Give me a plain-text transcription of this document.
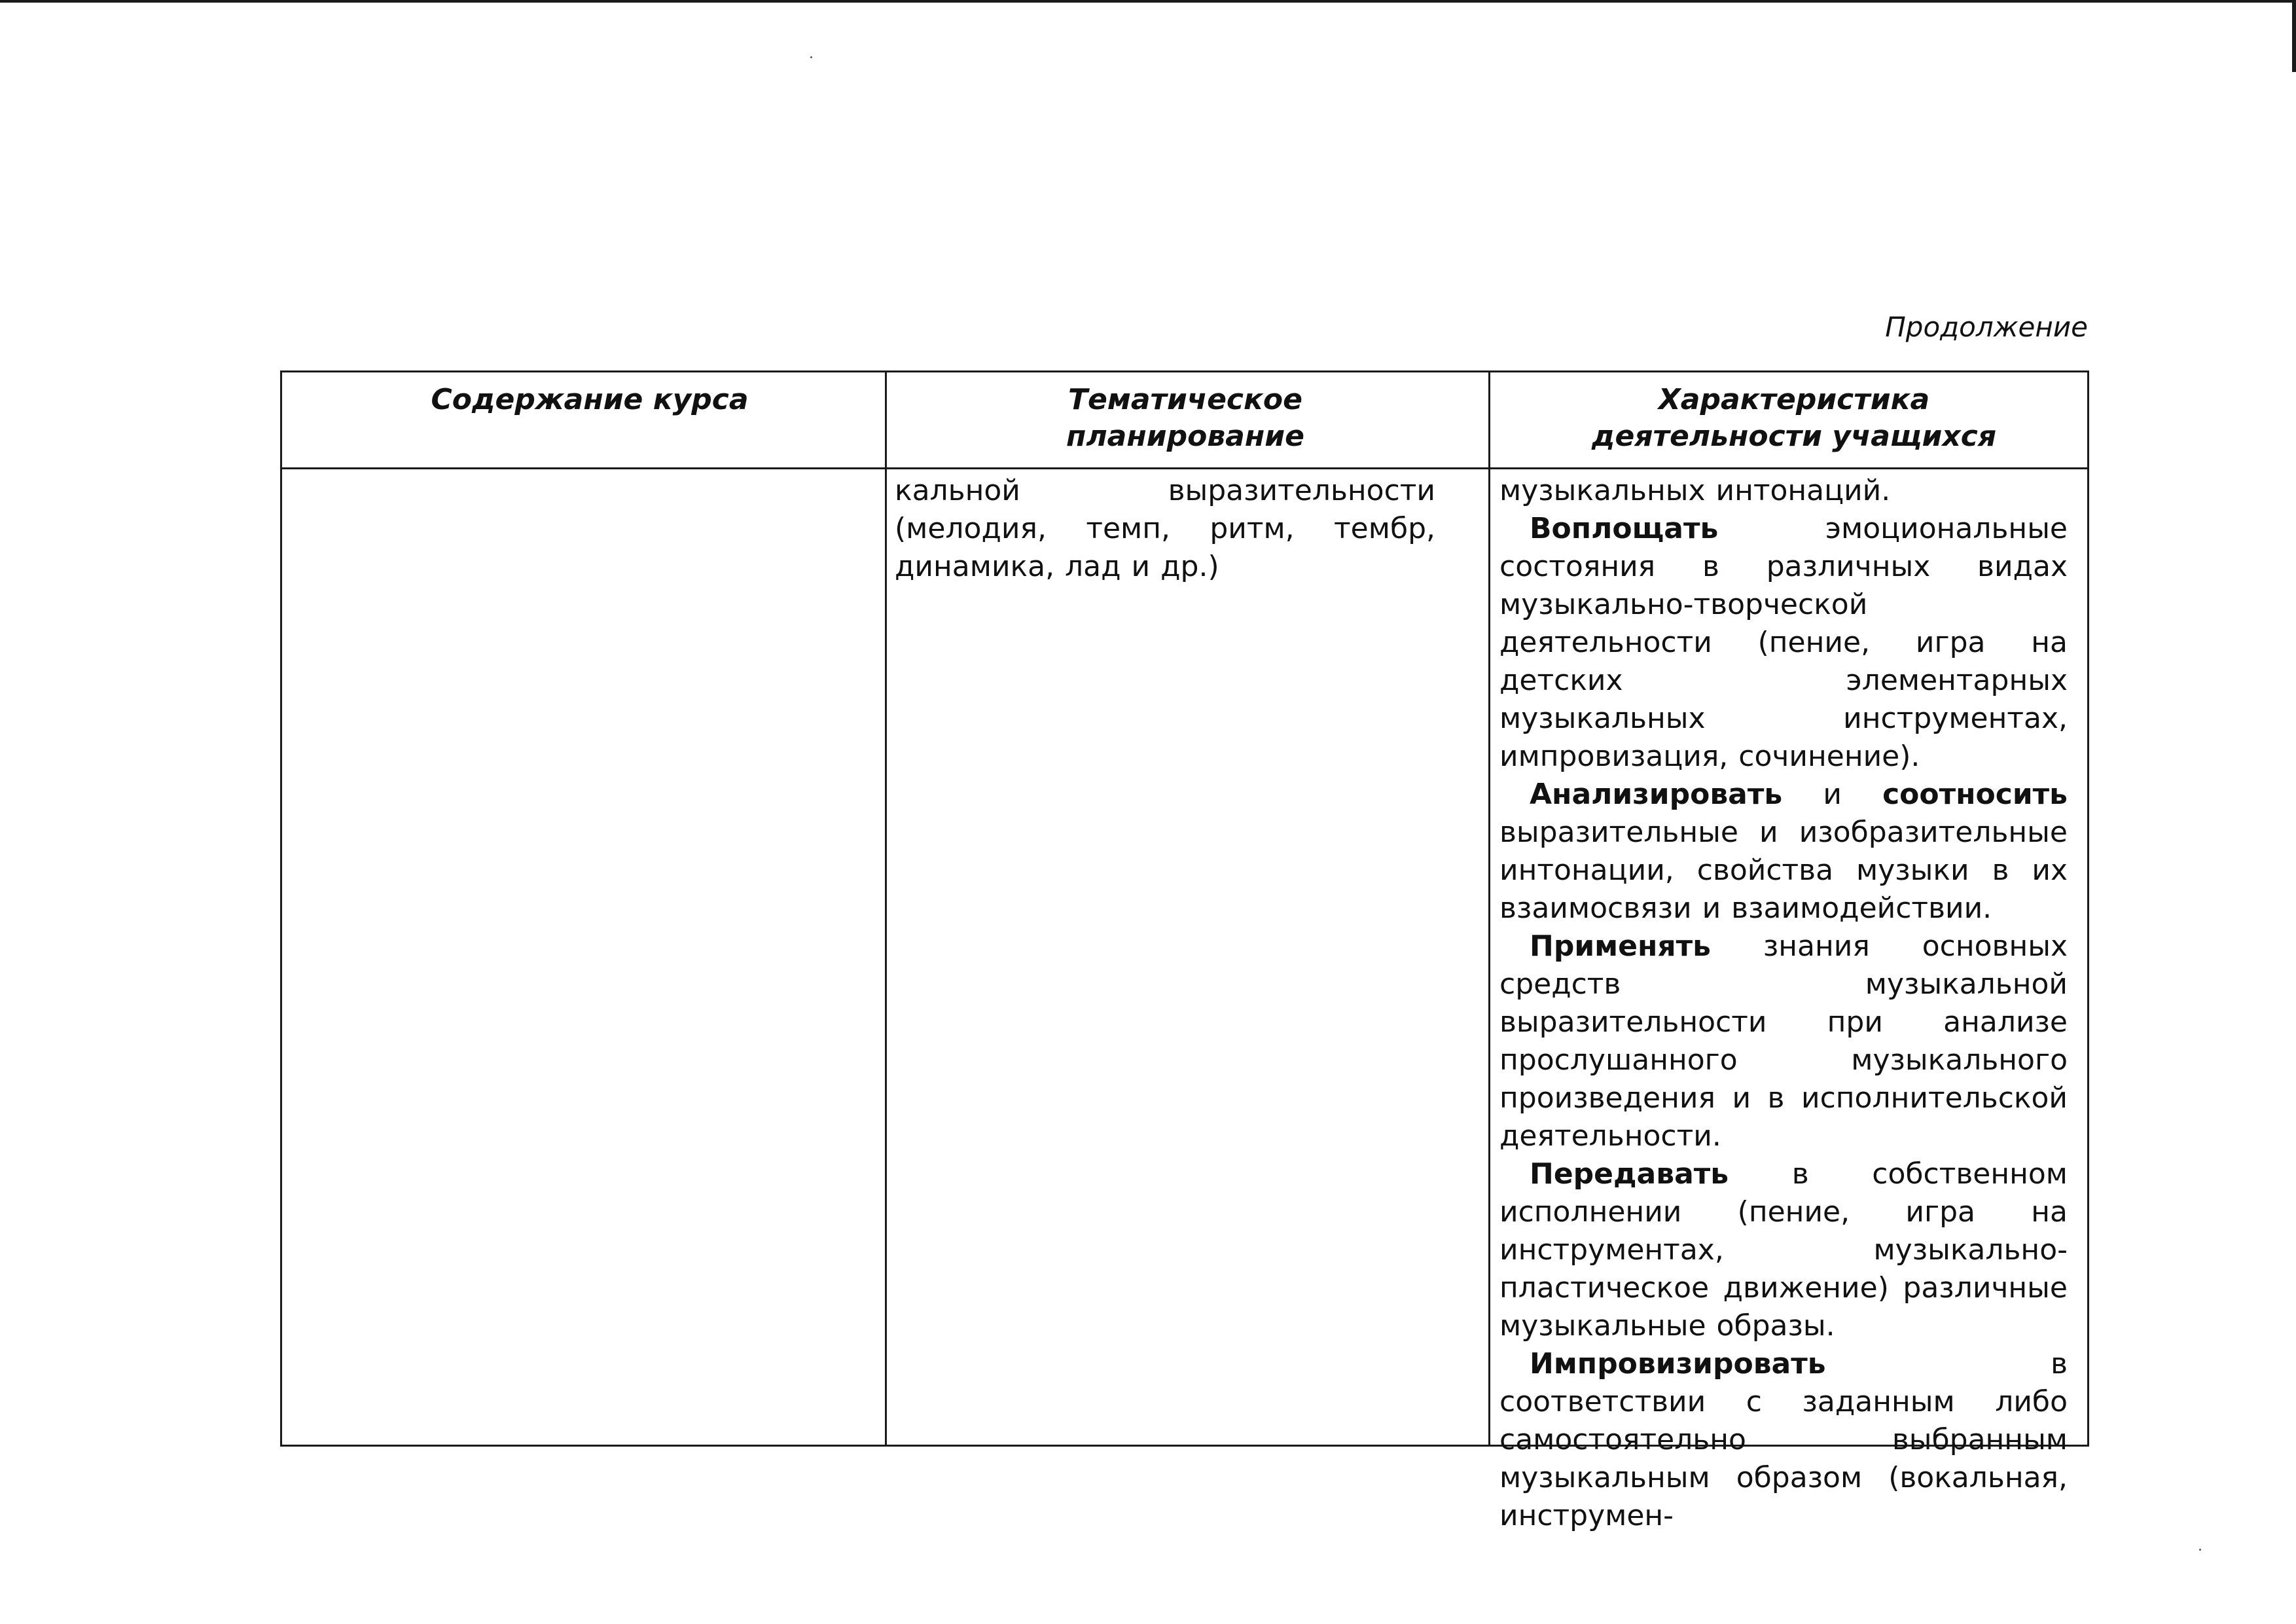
Продолжение
Содержание курса	Тематическое планирование
Характеристика деятельности учащихся
кальной выразительности (мелодия, темп, ритм, тембр, динамика, лад и др.)

музыкальных интонаций.

Воплощать эмоциональные состояния в различных видах музыкально-творческой деятельности (пение, игра на детских элементарных музыкальных инструментах, импровизация, сочинение).

Анализировать и соотносить выразительные и изобразительные интонации, свойства музыки в их взаимосвязи и взаимодействии.

Применять знания основных средств музыкальной выразительности при анализе прослушанного музыкального произведения и в исполнительской деятельности.

Передавать в собственном исполнении (пение, игра на инструментах, музыкально-пластическое движение) различные музыкальные образы.

Импровизировать в соответствии с заданным либо самостоятельно выбранным музыкальным образом (вокальная, инструмен-
